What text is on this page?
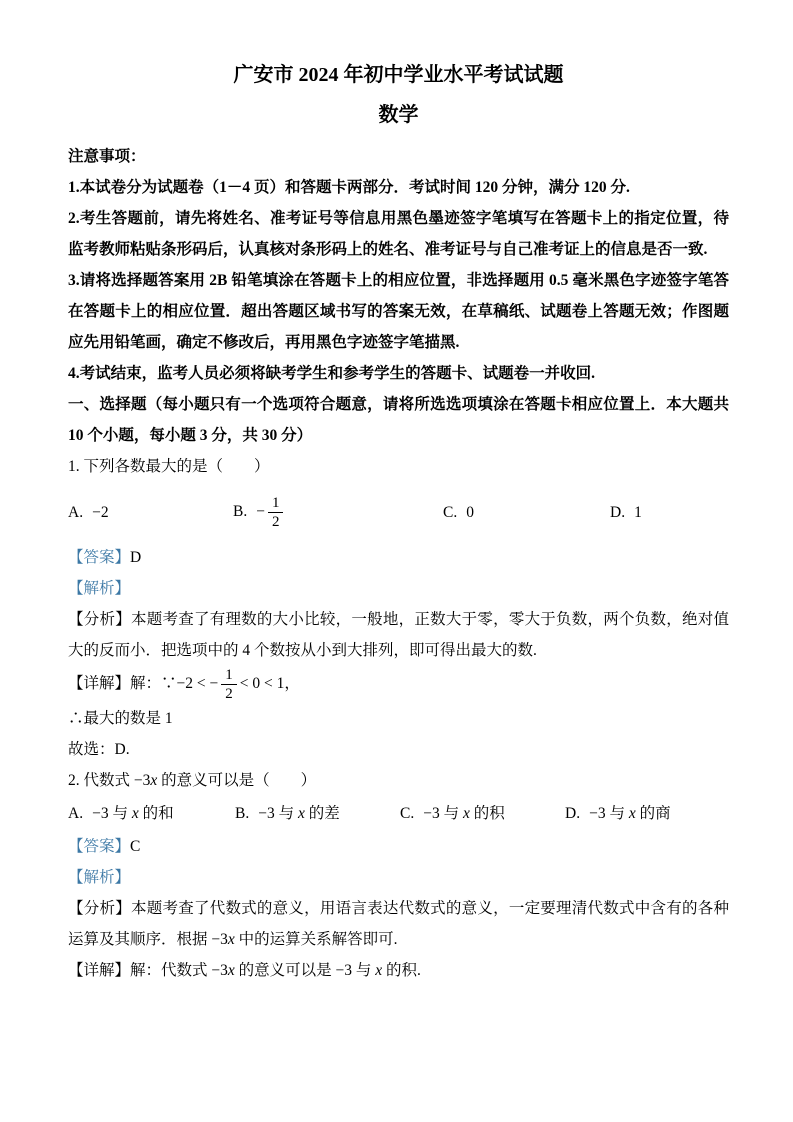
广安市 2024 年初中学业水平考试试题
数学

注意事项：

1.本试卷分为试题卷（1－4 页）和答题卡两部分．考试时间 120 分钟，满分 120 分.

2.考生答题前，请先将姓名、准考证号等信息用黑色墨迹签字笔填写在答题卡上的指定位置，待监考教师粘贴条形码后，认真核对条形码上的姓名、准考证号与自己准考证上的信息是否一致.

3.请将选择题答案用 2B 铅笔填涂在答题卡上的相应位置，非选择题用 0.5 毫米黑色字迹签字笔答在答题卡上的相应位置．超出答题区域书写的答案无效，在草稿纸、试题卷上答题无效；作图题应先用铅笔画，确定不修改后，再用黑色字迹签字笔描黑.

4.考试结束，监考人员必须将缺考学生和参考学生的答题卡、试题卷一并收回.

一、选择题（每小题只有一个选项符合题意，请将所选选项填涂在答题卡相应位置上．本大题共 10 个小题，每小题 3 分，共 30 分）

1. 下列各数最大的是（　　）

A. −2	B. − $\frac{1}{2}$	C. 0	D. 1

【答案】D

【解析】

【分析】本题考查了有理数的大小比较，一般地，正数大于零，零大于负数，两个负数，绝对值大的反而小．把选项中的 4 个数按从小到大排列，即可得出最大的数.

【详解】解：∵−2 < − $\frac{1}{2} < 0 < 1$，

∴最大的数是 1

故选：D.

2. 代数式 −3x 的意义可以是（　　）

A. −3 与 x 的和	B. −3 与 x 的差	C. −3 与 x 的积	D. −3 与 x 的商

【答案】C

【解析】

【分析】本题考查了代数式的意义，用语言表达代数式的意义，一定要理清代数式中含有的各种运算及其顺序．根据 −3x 中的运算关系解答即可.

【详解】解：代数式 −3x 的意义可以是 −3 与 x 的积.
